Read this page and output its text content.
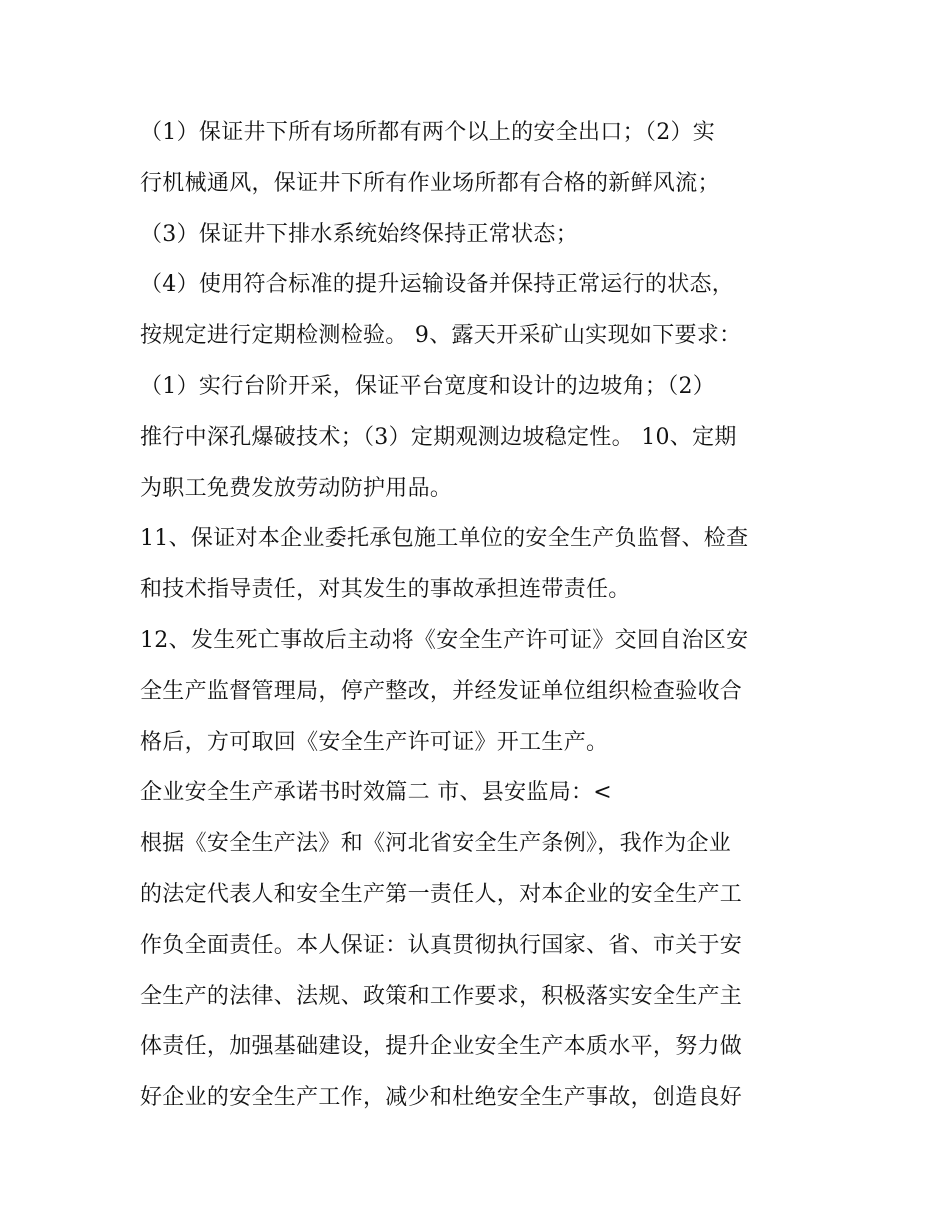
（1）保证井下所有场所都有两个以上的安全出口；（2）实
行机械通风，保证井下所有作业场所都有合格的新鲜风流；
（3）保证井下排水系统始终保持正常状态；
（4）使用符合标准的提升运输设备并保持正常运行的状态，
按规定进行定期检测检验。 9、露天开采矿山实现如下要求：
（1）实行台阶开采，保证平台宽度和设计的边坡角；（2）
推行中深孔爆破技术；（3）定期观测边坡稳定性。 10、定期
为职工免费发放劳动防护用品。
11、保证对本企业委托承包施工单位的安全生产负监督、检查
和技术指导责任，对其发生的事故承担连带责任。
12、发生死亡事故后主动将《安全生产许可证》交回自治区安
全生产监督管理局，停产整改，并经发证单位组织检查验收合
格后，方可取回《安全生产许可证》开工生产。
企业安全生产承诺书时效篇二 市、县安监局：<
根据《安全生产法》和《河北省安全生产条例》，我作为企业
的法定代表人和安全生产第一责任人，对本企业的安全生产工
作负全面责任。本人保证：认真贯彻执行国家、省、市关于安
全生产的法律、法规、政策和工作要求，积极落实安全生产主
体责任，加强基础建设，提升企业安全生产本质水平，努力做
好企业的安全生产工作，减少和杜绝安全生产事故，创造良好
